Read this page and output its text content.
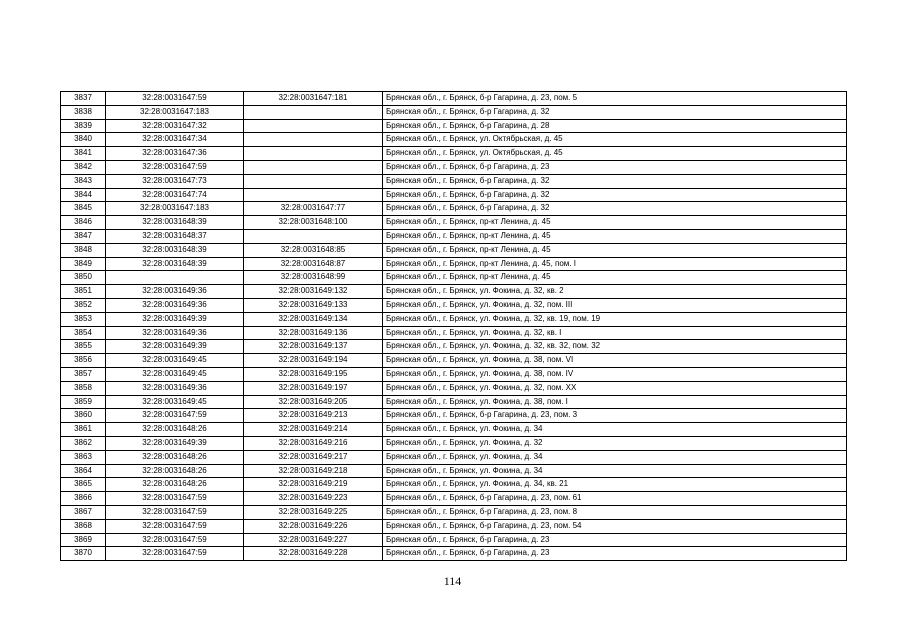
3837	32:28:0031647:59	32:28:0031647:181	Брянская обл., г. Брянск, б-р Гагарина, д. 23, пом. 5
3838	32:28:0031647:183		Брянская обл., г. Брянск, б-р Гагарина, д. 32
3839	32:28:0031647:32		Брянская обл., г. Брянск, б-р Гагарина, д. 28
3840	32:28:0031647:34		Брянская обл., г. Брянск, ул. Октябрьская, д. 45
3841	32:28:0031647:36		Брянская обл., г. Брянск, ул. Октябрьская, д. 45
3842	32:28:0031647:59		Брянская обл., г. Брянск, б-р Гагарина, д. 23
3843	32:28:0031647:73		Брянская обл., г. Брянск, б-р Гагарина, д. 32
3844	32:28:0031647:74		Брянская обл., г. Брянск, б-р Гагарина, д. 32
3845	32:28:0031647:183	32:28:0031647:77	Брянская обл., г. Брянск, б-р Гагарина, д. 32
3846	32:28:0031648:39	32:28:0031648:100	Брянская обл., г. Брянск, пр-кт Ленина, д. 45
3847	32:28:0031648:37		Брянская обл., г. Брянск, пр-кт Ленина, д. 45
3848	32:28:0031648:39	32:28:0031648:85	Брянская обл., г. Брянск, пр-кт Ленина, д. 45
3849	32:28:0031648:39	32:28:0031648:87	Брянская обл., г. Брянск, пр-кт Ленина, д. 45, пом. I
3850		32:28:0031648:99	Брянская обл., г. Брянск, пр-кт Ленина, д. 45
3851	32:28:0031649:36	32:28:0031649:132	Брянская обл., г. Брянск, ул. Фокина, д. 32, кв. 2
3852	32:28:0031649:36	32:28:0031649:133	Брянская обл., г. Брянск, ул. Фокина, д. 32, пом. III
3853	32:28:0031649:39	32:28:0031649:134	Брянская обл., г. Брянск, ул. Фокина, д. 32, кв. 19, пом. 19
3854	32:28:0031649:36	32:28:0031649:136	Брянская обл., г. Брянск, ул. Фокина, д. 32, кв. I
3855	32:28:0031649:39	32:28:0031649:137	Брянская обл., г. Брянск, ул. Фокина, д. 32, кв. 32, пом. 32
3856	32:28:0031649:45	32:28:0031649:194	Брянская обл., г. Брянск, ул. Фокина, д. 38, пом. VI
3857	32:28:0031649:45	32:28:0031649:195	Брянская обл., г. Брянск, ул. Фокина, д. 38, пом. IV
3858	32:28:0031649:36	32:28:0031649:197	Брянская обл., г. Брянск, ул. Фокина, д. 32, пом. XX
3859	32:28:0031649:45	32:28:0031649:205	Брянская обл., г. Брянск, ул. Фокина, д. 38, пом. I
3860	32:28:0031647:59	32:28:0031649:213	Брянская обл., г. Брянск, б-р Гагарина, д. 23, пом. 3
3861	32:28:0031648:26	32:28:0031649:214	Брянская обл., г. Брянск, ул. Фокина, д. 34
3862	32:28:0031649:39	32:28:0031649:216	Брянская обл., г. Брянск, ул. Фокина, д. 32
3863	32:28:0031648:26	32:28:0031649:217	Брянская обл., г. Брянск, ул. Фокина, д. 34
3864	32:28:0031648:26	32:28:0031649:218	Брянская обл., г. Брянск, ул. Фокина, д. 34
3865	32:28:0031648:26	32:28:0031649:219	Брянская обл., г. Брянск, ул. Фокина, д. 34, кв. 21
3866	32:28:0031647:59	32:28:0031649:223	Брянская обл., г. Брянск, б-р Гагарина, д. 23, пом. 61
3867	32:28:0031647:59	32:28:0031649:225	Брянская обл., г. Брянск, б-р Гагарина, д. 23, пом. 8
3868	32:28:0031647:59	32:28:0031649:226	Брянская обл., г. Брянск, б-р Гагарина, д. 23, пом. 54
3869	32:28:0031647:59	32:28:0031649:227	Брянская обл., г. Брянск, б-р Гагарина, д. 23
3870	32:28:0031647:59	32:28:0031649:228	Брянская обл., г. Брянск, б-р Гагарина, д. 23
114
